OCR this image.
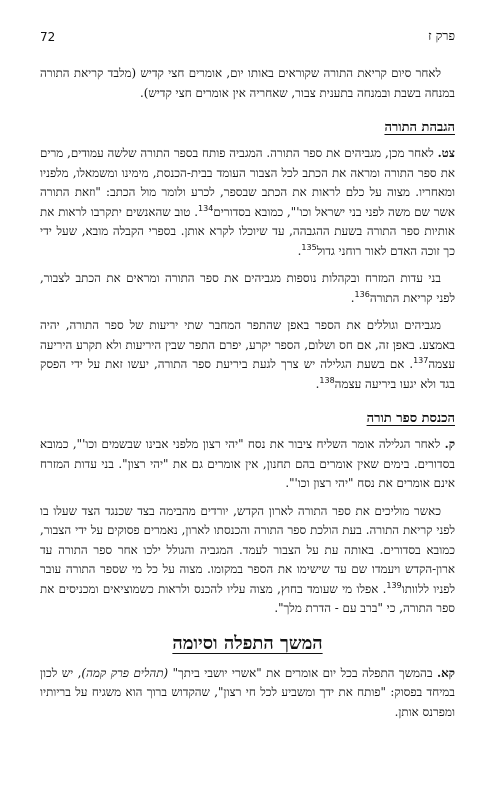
72	פרק ז

לאחר סיום קריאת התורה שקוראים באותו יום, אומרים חצי קדיש (מלבד קריאת התורה במנחה בשבת ובמנחה בתענית צבור, שאחריה אין אומרים חצי קדיש).

הגבהת התורה

צט. לאחר מכן, מגביהים את ספר התורה. המגביה פותח בספר התורה שלשה עמודים, מרים את ספר התורה ומראה את הכתב לכל הצבור העומד בבית-הכנסת, מימינו ומשמאלו, מלפניו ומאחריו. מצוה על כלם לראות את הכתב שבספר, לכרע ולומר מול הכתב: "וזאת התורה אשר שם משה לפני בני ישראל וכו'", כמובא בסדורים$^{134}$. טוב שהאנשים יתקרבו לראות את אותיות ספר התורה בשעת ההגבהה, עד שיוכלו לקרא אותן. בספרי הקבלה מובא, שעל ידי כך זוכה האדם לאור רוחני גדול$^{135}$.

בני עדות המזרח ובקהלות נוספות מגביהים את ספר התורה ומראים את הכתב לצבור, לפני קריאת התורה$^{136}$.

מגביהים וגוללים את הספר באפן שהתפר המחבר שתי יריעות של ספר התורה, יהיה באמצע. באפן זה, אם חס ושלום, הספר יקרע, יפרם התפר שבין היריעות ולא תקרע היריעה עצמה$^{137}$. אם בשעת הגלילה יש צרך לגעת ביריעת ספר התורה, יעשו זאת על ידי הפסק בגד ולא יגעו ביריעה עצמה$^{138}$.

הכנסת ספר תורה

ק. לאחר הגלילה אומר השליח ציבור את נסח "יהי רצון מלפני אבינו שבשמים וכו'", כמובא בסדורים. בימים שאין אומרים בהם תחנון, אין אומרים גם את "יהי רצון". בני עדות המזרח אינם אומרים את נסח "יהי רצון וכו'".

כאשר מוליכים את ספר התורה לארון הקדש, יורדים מהבימה בצד שכנגד הצד שעלו בו לפני קריאת התורה. בעת הולכת ספר התורה והכנסתו לארון, נאמרים פסוקים על ידי הצבור, כמובא בסדורים. באותה עת על הצבור לעמד. המגביה והגולל ילכו אחר ספר התורה עד ארון-הקדש ויעמדו שם עד שישימו את הספר במקומו. מצוה על כל מי שספר התורה עובר לפניו ללוותו$^{139}$. אפלו מי שעומד בחוץ, מצוה עליו להכנס ולראות כשמוציאים ומכניסים את ספר התורה, כי "ברב עם - הדרת מלך".

המשך התפלה וסיומה

קא. בהמשך התפלה בכל יום אומרים את "אשרי יושבי ביתך" (תהלים פרק קמה), יש לכון במיחד בפסוק: "פותח את ידך ומשביע לכל חי רצון", שהקדוש ברוך הוא משגיח על בריותיו ומפרנס אותן.
